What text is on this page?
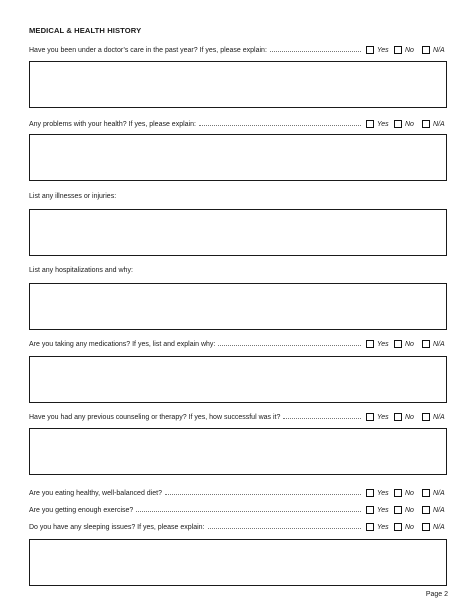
MEDICAL & HEALTH HISTORY
Have you been under a doctor’s care in the past year? If yes, please explain:	Yes No	N/A
Any problems with your health? If yes, please explain:	Yes No	N/A
List any illnesses or injuries:
List any hospitalizations and why:
Are you taking any medications? If yes, list and explain why:	Yes No	N/A
Have you had any previous counseling or therapy? If yes, how successful was it?	Yes No	N/A
Are you eating healthy, well-balanced diet?	Yes No	N/A
Are you getting enough exercise?	Yes No	N/A
Do you have any sleeping issues? If yes, please explain:	Yes No	N/A
Page 2
